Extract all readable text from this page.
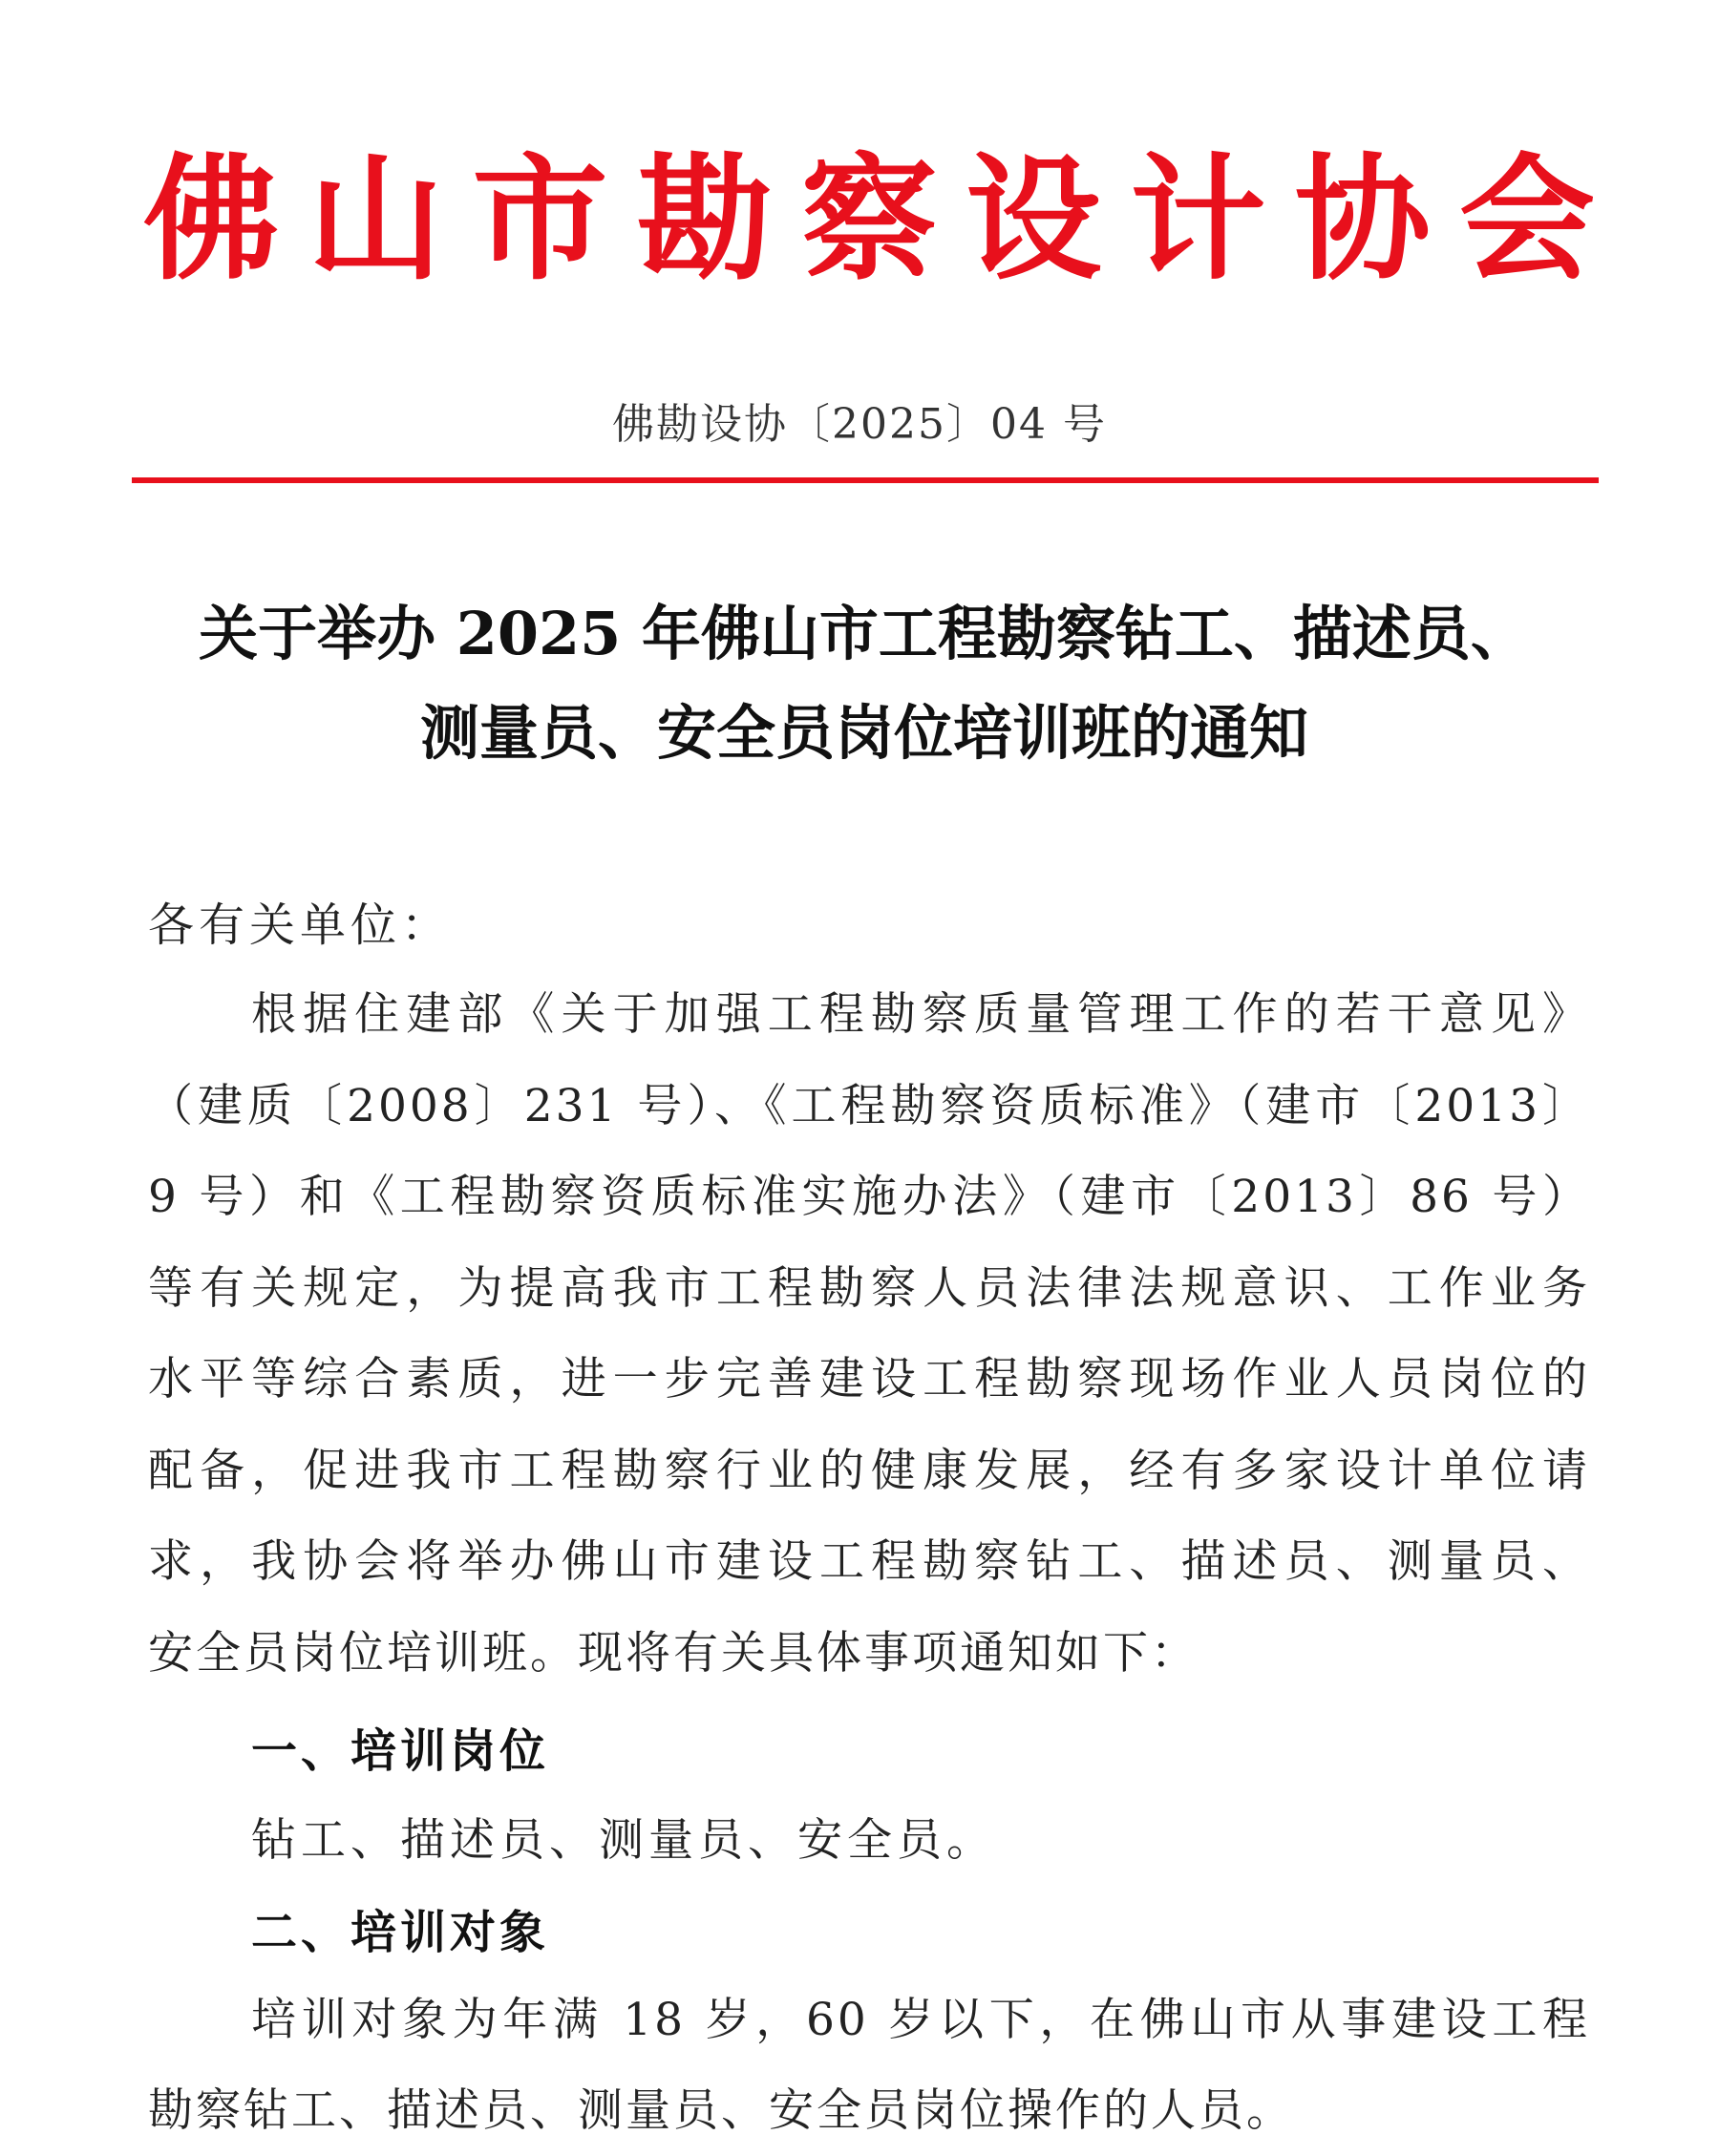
佛 山 市 勘 察 设 计 协 会
佛勘设协〔2025〕04 号
关于举办 2025 年佛山市工程勘察钻工、描述员、
测量员、安全员岗位培训班的通知
各有关单位：
根据住建部《关于加强工程勘察质量管理工作的若干意见》
（建质〔2008〕231 号）、《工程勘察资质标准》（建市〔2013〕
9 号）和《工程勘察资质标准实施办法》（建市〔2013〕86 号）
等有关规定，为提高我市工程勘察人员法律法规意识、工作业务
水平等综合素质，进一步完善建设工程勘察现场作业人员岗位的
配备，促进我市工程勘察行业的健康发展，经有多家设计单位请
求，我协会将举办佛山市建设工程勘察钻工、描述员、测量员、
安全员岗位培训班。现将有关具体事项通知如下：
一、培训岗位
钻工、描述员、测量员、安全员。
二、培训对象
培训对象为年满 18 岁，60 岁以下，在佛山市从事建设工程
勘察钻工、描述员、测量员、安全员岗位操作的人员。
